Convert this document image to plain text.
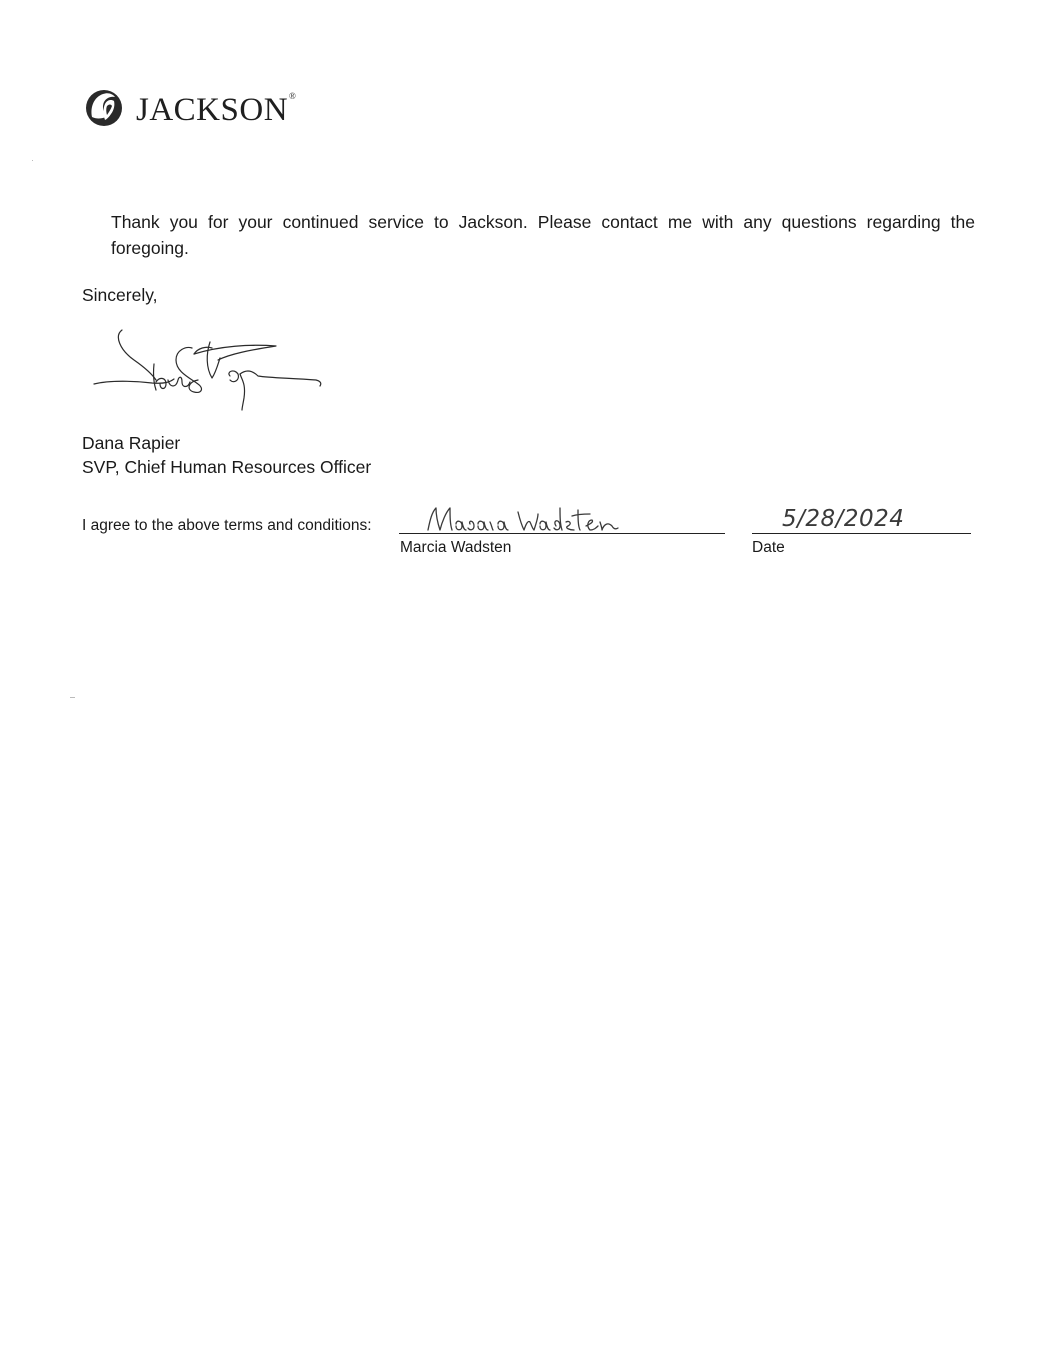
JACKSON®
Thank you for your continued service to Jackson. Please contact me with any questions regarding the foregoing.
Sincerely,
Dana Rapier
SVP, Chief Human Resources Officer
I agree to the above terms and conditions:
Marcia Wadsten
5/28/2024
Date
